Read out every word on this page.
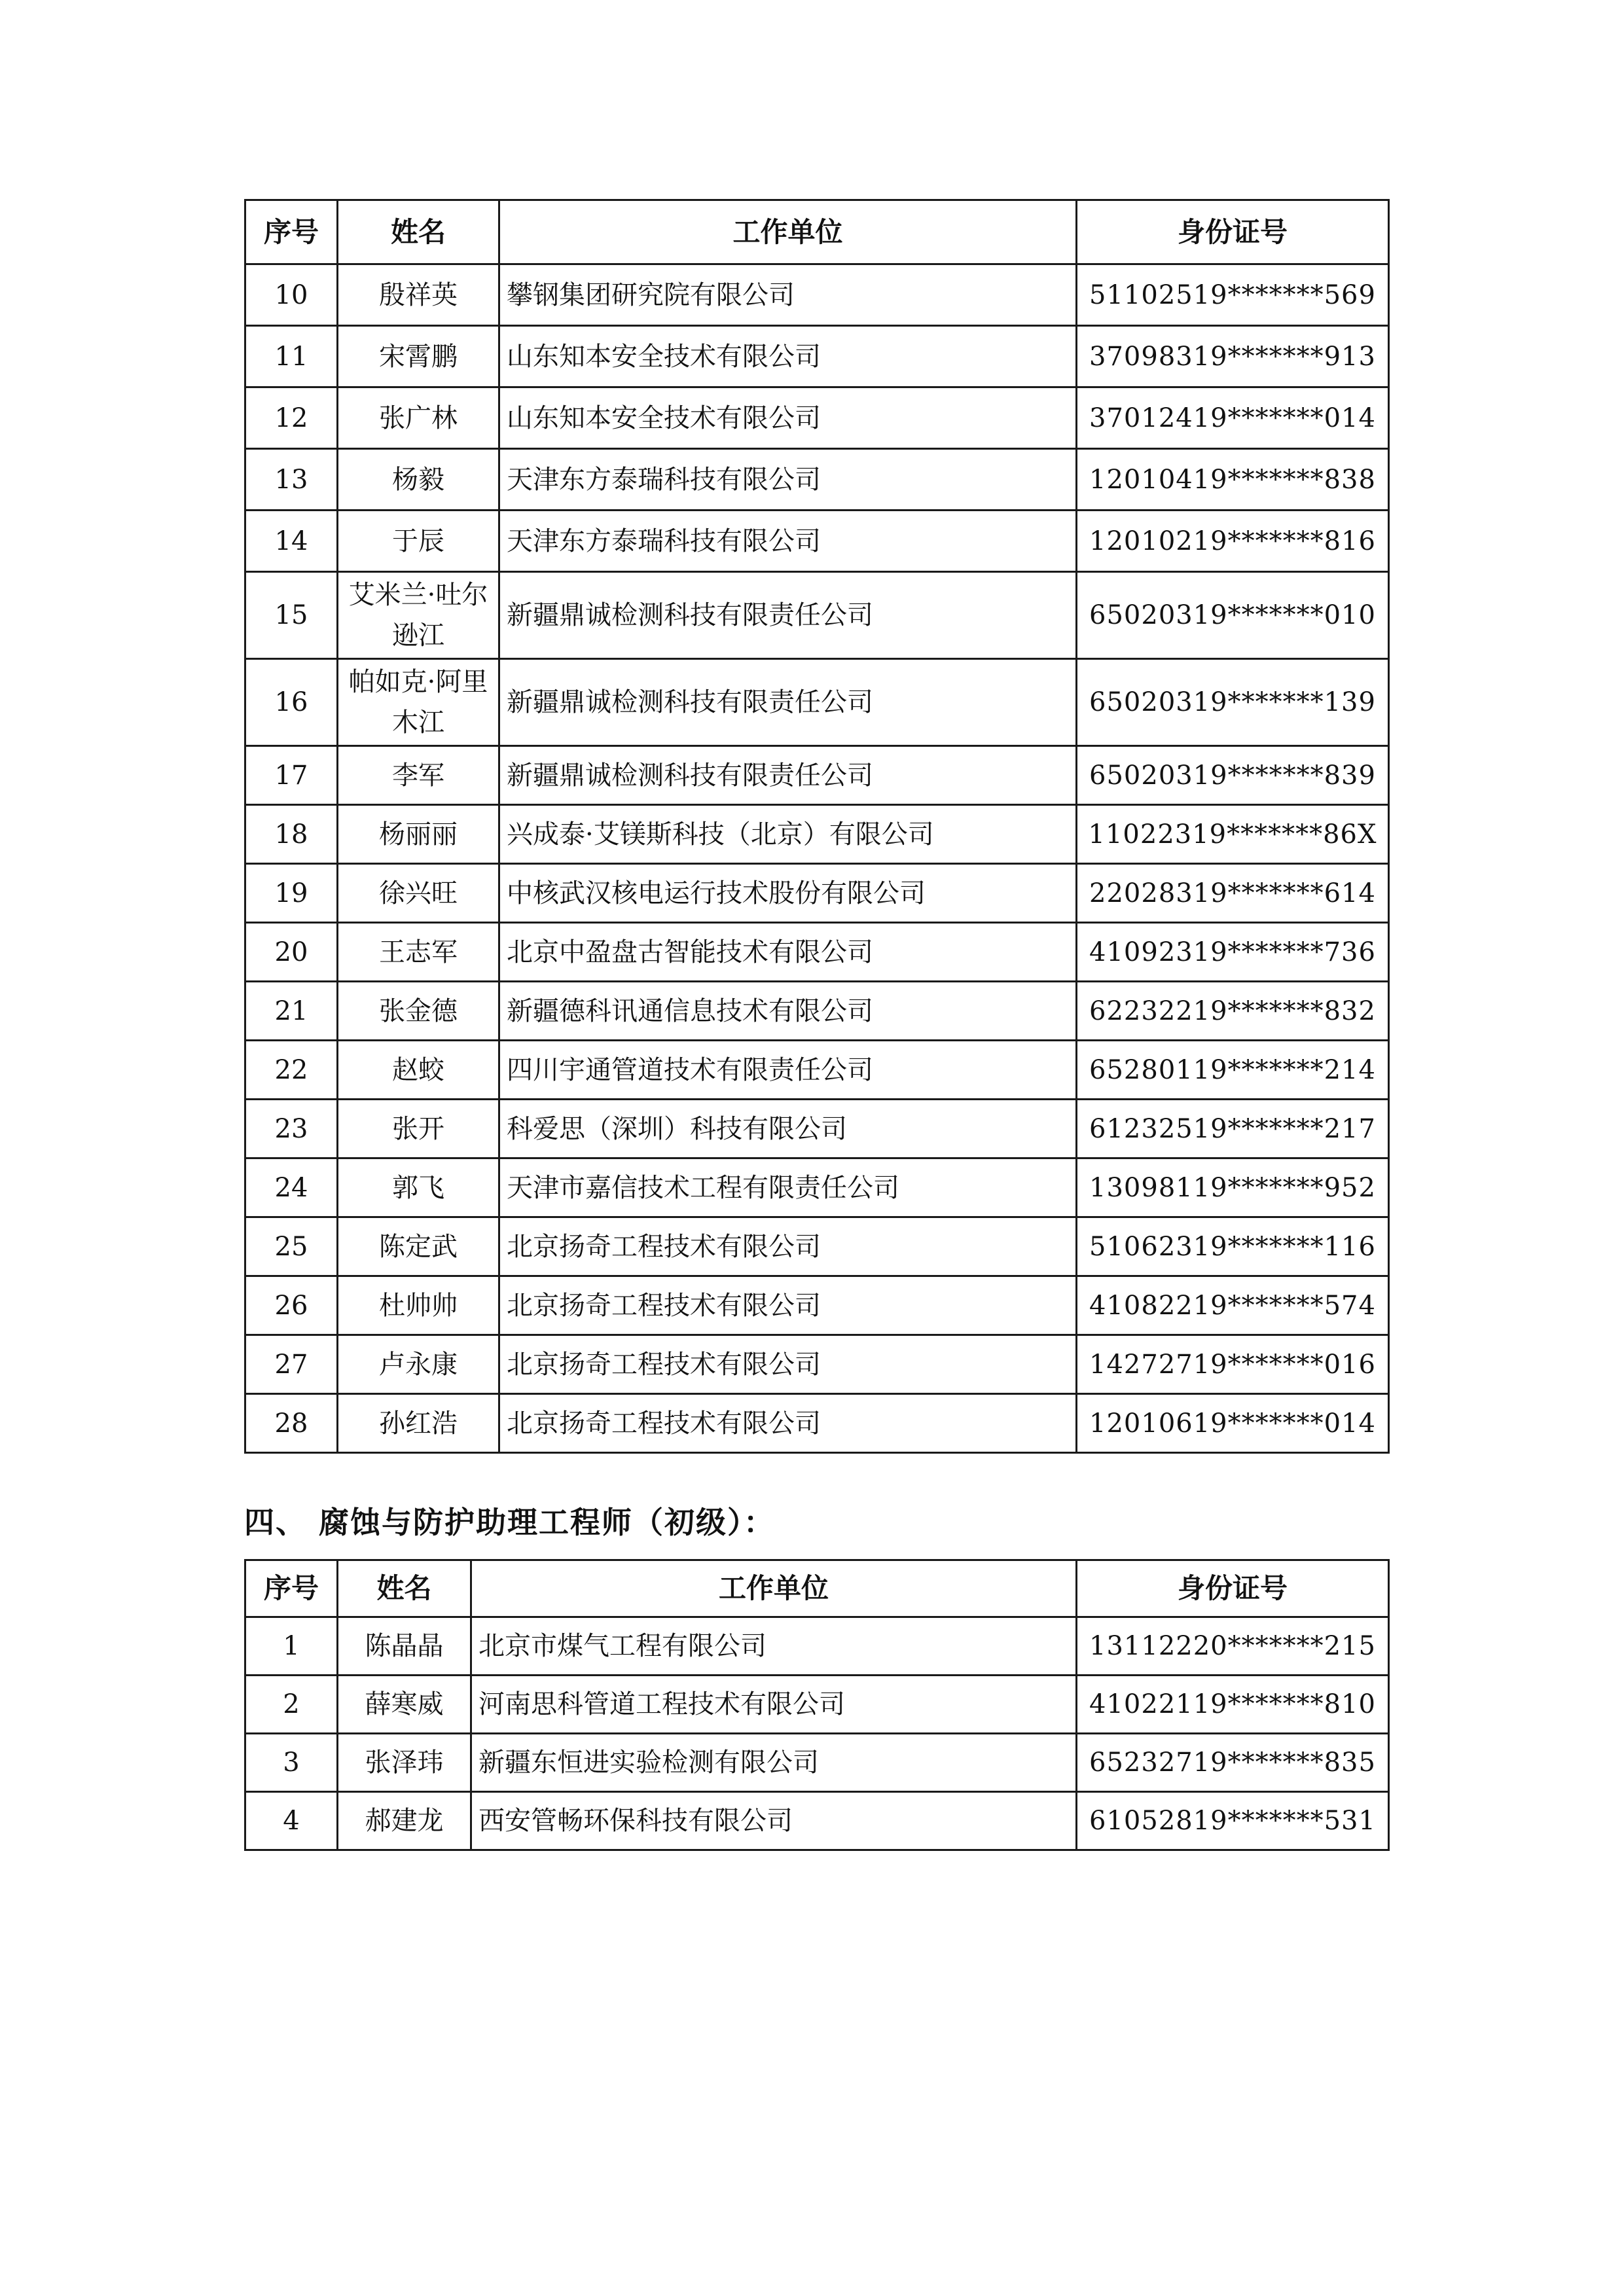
序号	姓名	工作单位	身份证号
10	殷祥英	攀钢集团研究院有限公司	51102519*******569
11	宋霄鹏	山东知本安全技术有限公司	37098319*******913
12	张广林	山东知本安全技术有限公司	37012419*******014
13	杨毅	天津东方泰瑞科技有限公司	12010419*******838
14	于辰	天津东方泰瑞科技有限公司	12010219*******816
15	艾米兰·吐尔逊江	新疆鼎诚检测科技有限责任公司	65020319*******010
16	帕如克·阿里木江	新疆鼎诚检测科技有限责任公司	65020319*******139
17	李军	新疆鼎诚检测科技有限责任公司	65020319*******839
18	杨丽丽	兴成泰·艾镁斯科技（北京）有限公司	11022319*******86X
19	徐兴旺	中核武汉核电运行技术股份有限公司	22028319*******614
20	王志军	北京中盈盘古智能技术有限公司	41092319*******736
21	张金德	新疆德科讯通信息技术有限公司	62232219*******832
22	赵蛟	四川宇通管道技术有限责任公司	65280119*******214
23	张开	科爱思（深圳）科技有限公司	61232519*******217
24	郭飞	天津市嘉信技术工程有限责任公司	13098119*******952
25	陈定武	北京扬奇工程技术有限公司	51062319*******116
26	杜帅帅	北京扬奇工程技术有限公司	41082219*******574
27	卢永康	北京扬奇工程技术有限公司	14272719*******016
28	孙红浩	北京扬奇工程技术有限公司	12010619*******014
四、 腐蚀与防护助理工程师（初级）：
序号	姓名	工作单位	身份证号
1	陈晶晶	北京市煤气工程有限公司	13112220*******215
2	薛寒威	河南思科管道工程技术有限公司	41022119*******810
3	张泽玮	新疆东恒进实验检测有限公司	65232719*******835
4	郝建龙	西安管畅环保科技有限公司	61052819*******531
